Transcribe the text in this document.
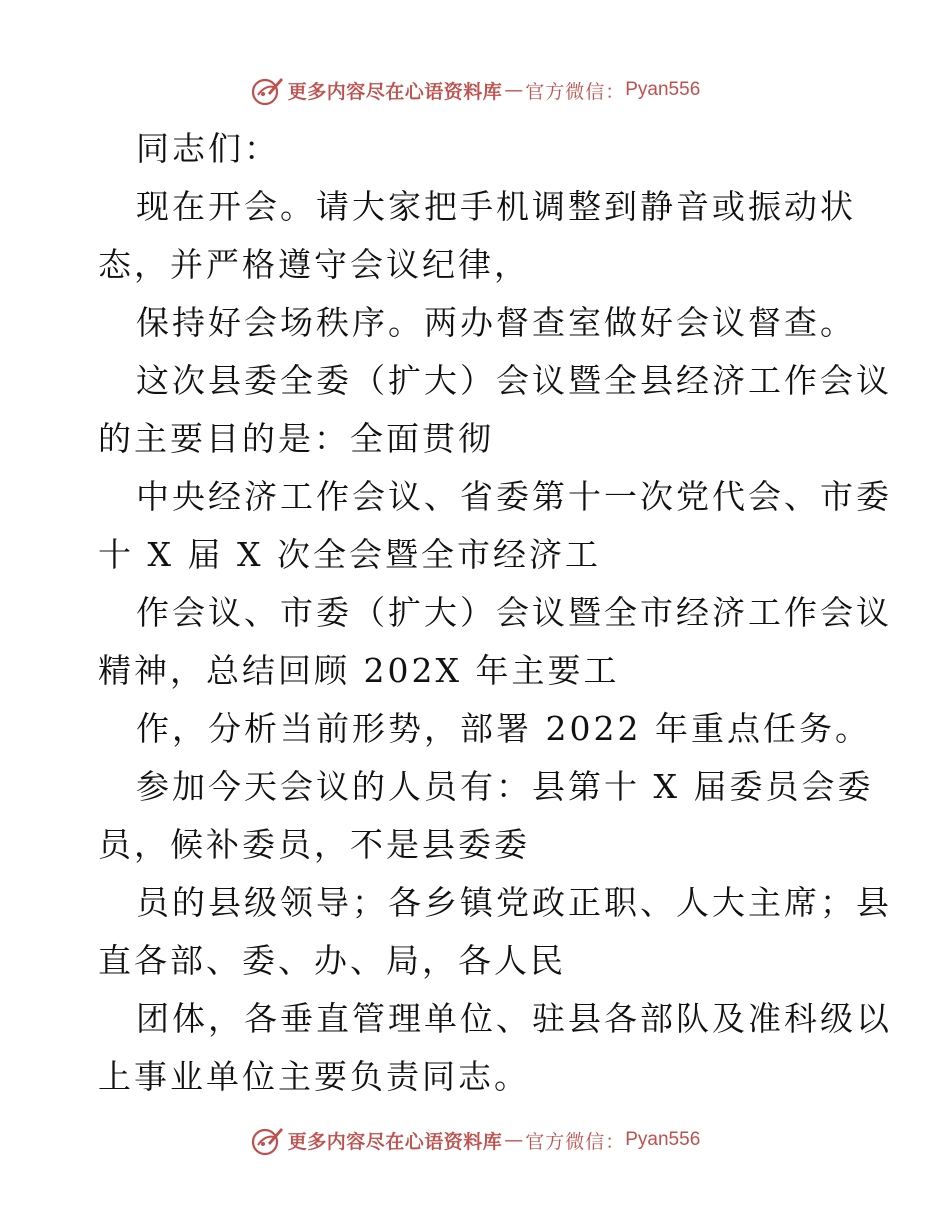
更多内容尽在心语资料库 — 官方微信： Pyan556
同志们：
现在开会。请大家把手机调整到静音或振动状
态，并严格遵守会议纪律，
保持好会场秩序。两办督查室做好会议督查。
这次县委全委（扩大）会议暨全县经济工作会议
的主要目的是：全面贯彻
中央经济工作会议、省委第十一次党代会、市委
十 X 届 X 次全会暨全市经济工
作会议、市委（扩大）会议暨全市经济工作会议
精神，总结回顾 202X 年主要工
作，分析当前形势，部署 2022 年重点任务。
参加今天会议的人员有：县第十 X 届委员会委
员，候补委员，不是县委委
员的县级领导；各乡镇党政正职、人大主席；县
直各部、委、办、局，各人民
团体，各垂直管理单位、驻县各部队及准科级以
上事业单位主要负责同志。
更多内容尽在心语资料库 — 官方微信： Pyan556
